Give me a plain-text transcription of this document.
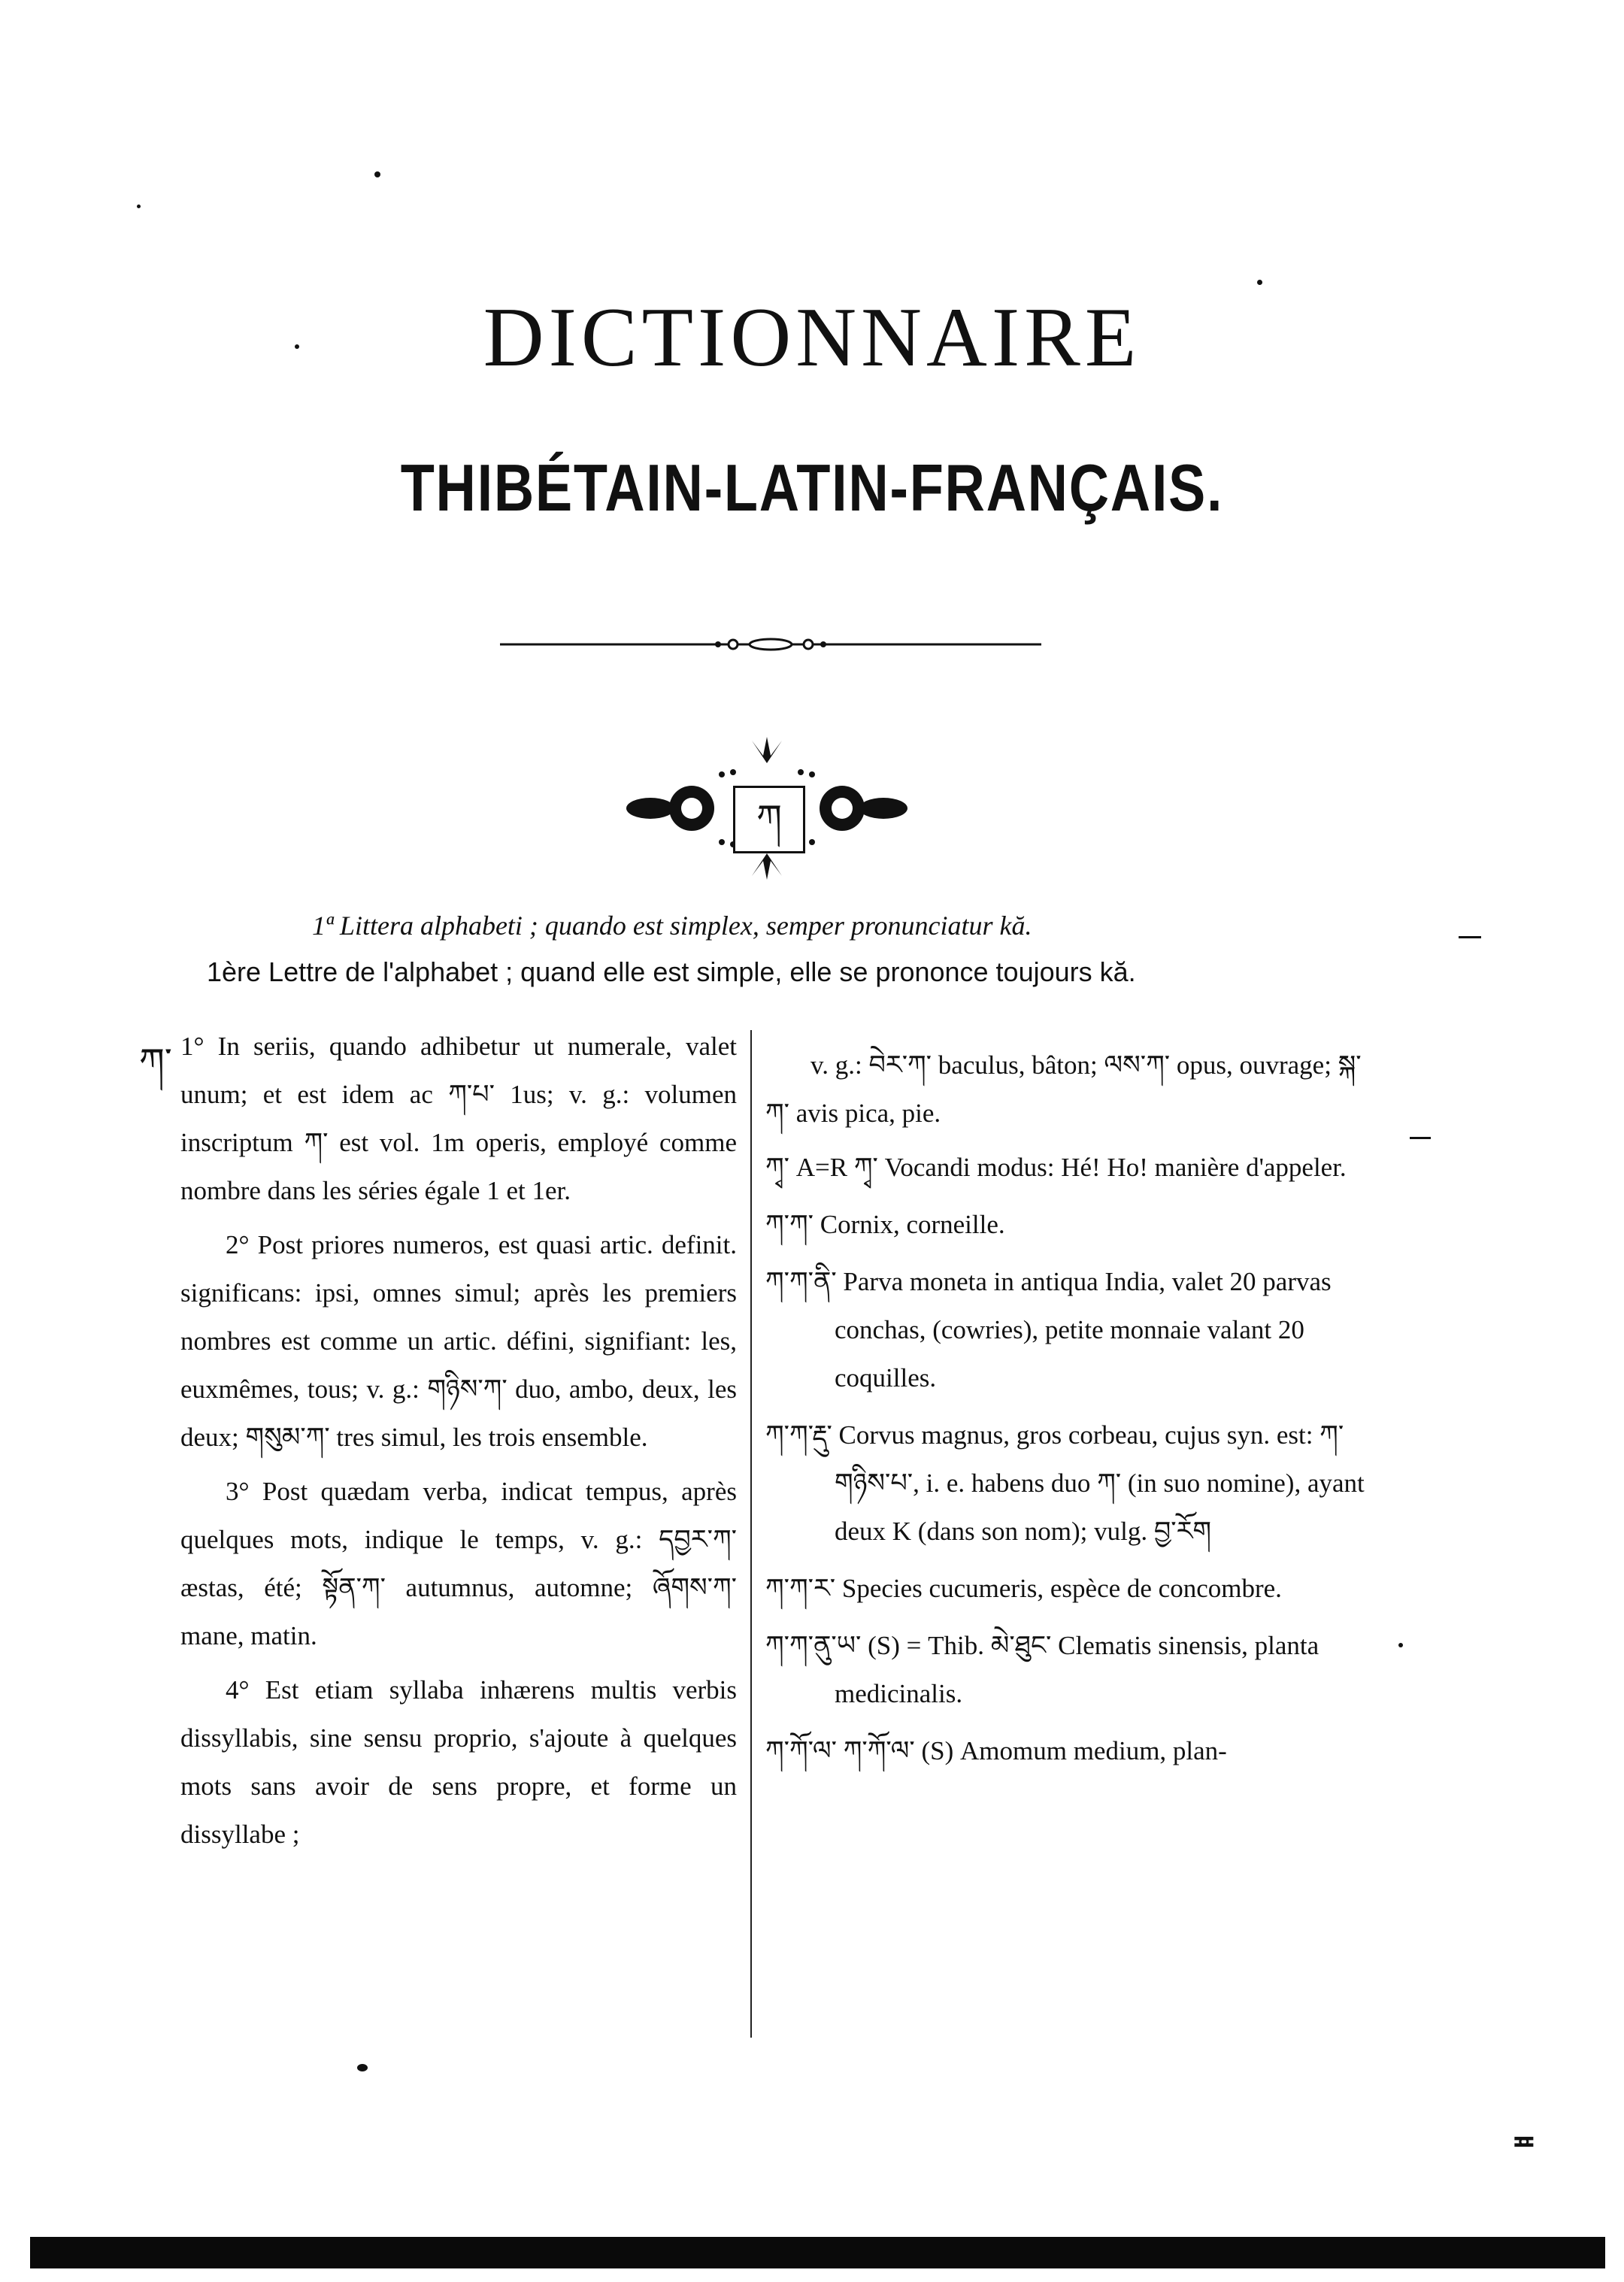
DICTIONNAIRE
THIBÉTAIN-LATIN-FRANÇAIS.
ཀ
1ª Littera alphabeti ; quando est simplex, semper pronunciatur kă.
1ère Lettre de l'alphabet ; quand elle est simple, elle se prononce toujours kă.
ཀ་ 1° In seriis, quando adhibetur ut numerale, valet unum; et est idem ac ཀ་པ་ 1us; v. g.: volumen inscriptum ཀ་ est vol. 1m operis, employé comme nombre dans les séries égale 1 et 1er.

2° Post priores numeros, est quasi artic. definit. significans: ipsi, omnes simul; après les premiers nombres est comme un artic. défini, signifiant: les, euxmêmes, tous; v. g.: གཉིས་ཀ་ duo, ambo, deux, les deux; གསུམ་ཀ་ tres simul, les trois ensemble.

3° Post quædam verba, indicat tempus, après quelques mots, indique le temps, v. g.: དབྱར་ཀ་ æstas, été; སྟོན་ཀ་ autumnus, automne; ཞོགས་ཀ་ mane, matin.

4° Est etiam syllaba inhærens multis verbis dissyllabis, sine sensu proprio, s'ajoute à quelques mots sans avoir de sens propre, et forme un dissyllabe ;

v. g.: བེར་ཀ་ baculus, bâton; ལས་ཀ་ opus, ouvrage; སྐ་ཀ་ avis pica, pie.

ཀྭ་ A=R ཀྭ་ Vocandi modus: Hé! Ho! manière d'appeler.

ཀ་ཀ་ Cornix, corneille.

ཀ་ཀ་ནི་ Parva moneta in antiqua India, valet 20 parvas conchas, (cowries), petite monnaie valant 20 coquilles.

ཀ་ཀ་རྡུ་ Corvus magnus, gros corbeau, cujus syn. est: ཀ་གཉིས་པ་, i. e. habens duo ཀ་ (in suo nomine), ayant deux K (dans son nom); vulg. བྱ་རོག

ཀ་ཀ་ར་ Species cucumeris, espèce de concombre.

ཀ་ཀ་ནུ་ཡ་ (S) = Thib. མེ་ཐུང་ Clematis sinensis, planta medicinalis.

ཀ་ཀོ་ལ་ ཀ་ཀོ་ལ་ (S) Amomum medium, plan-

≖
